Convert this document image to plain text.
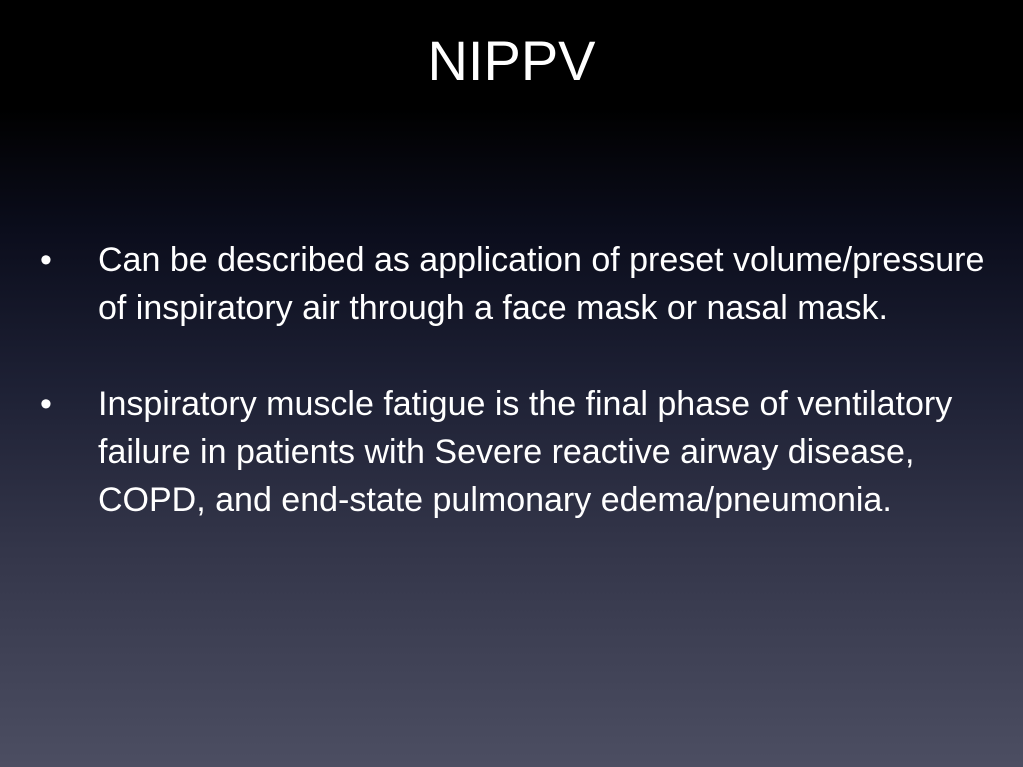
NIPPV
• Can be described as application of preset volume/pressure of inspiratory air through a face mask or nasal mask.
• Inspiratory muscle fatigue is the final phase of ventilatory failure in patients with Severe reactive airway disease, COPD, and end-state pulmonary edema/pneumonia.
